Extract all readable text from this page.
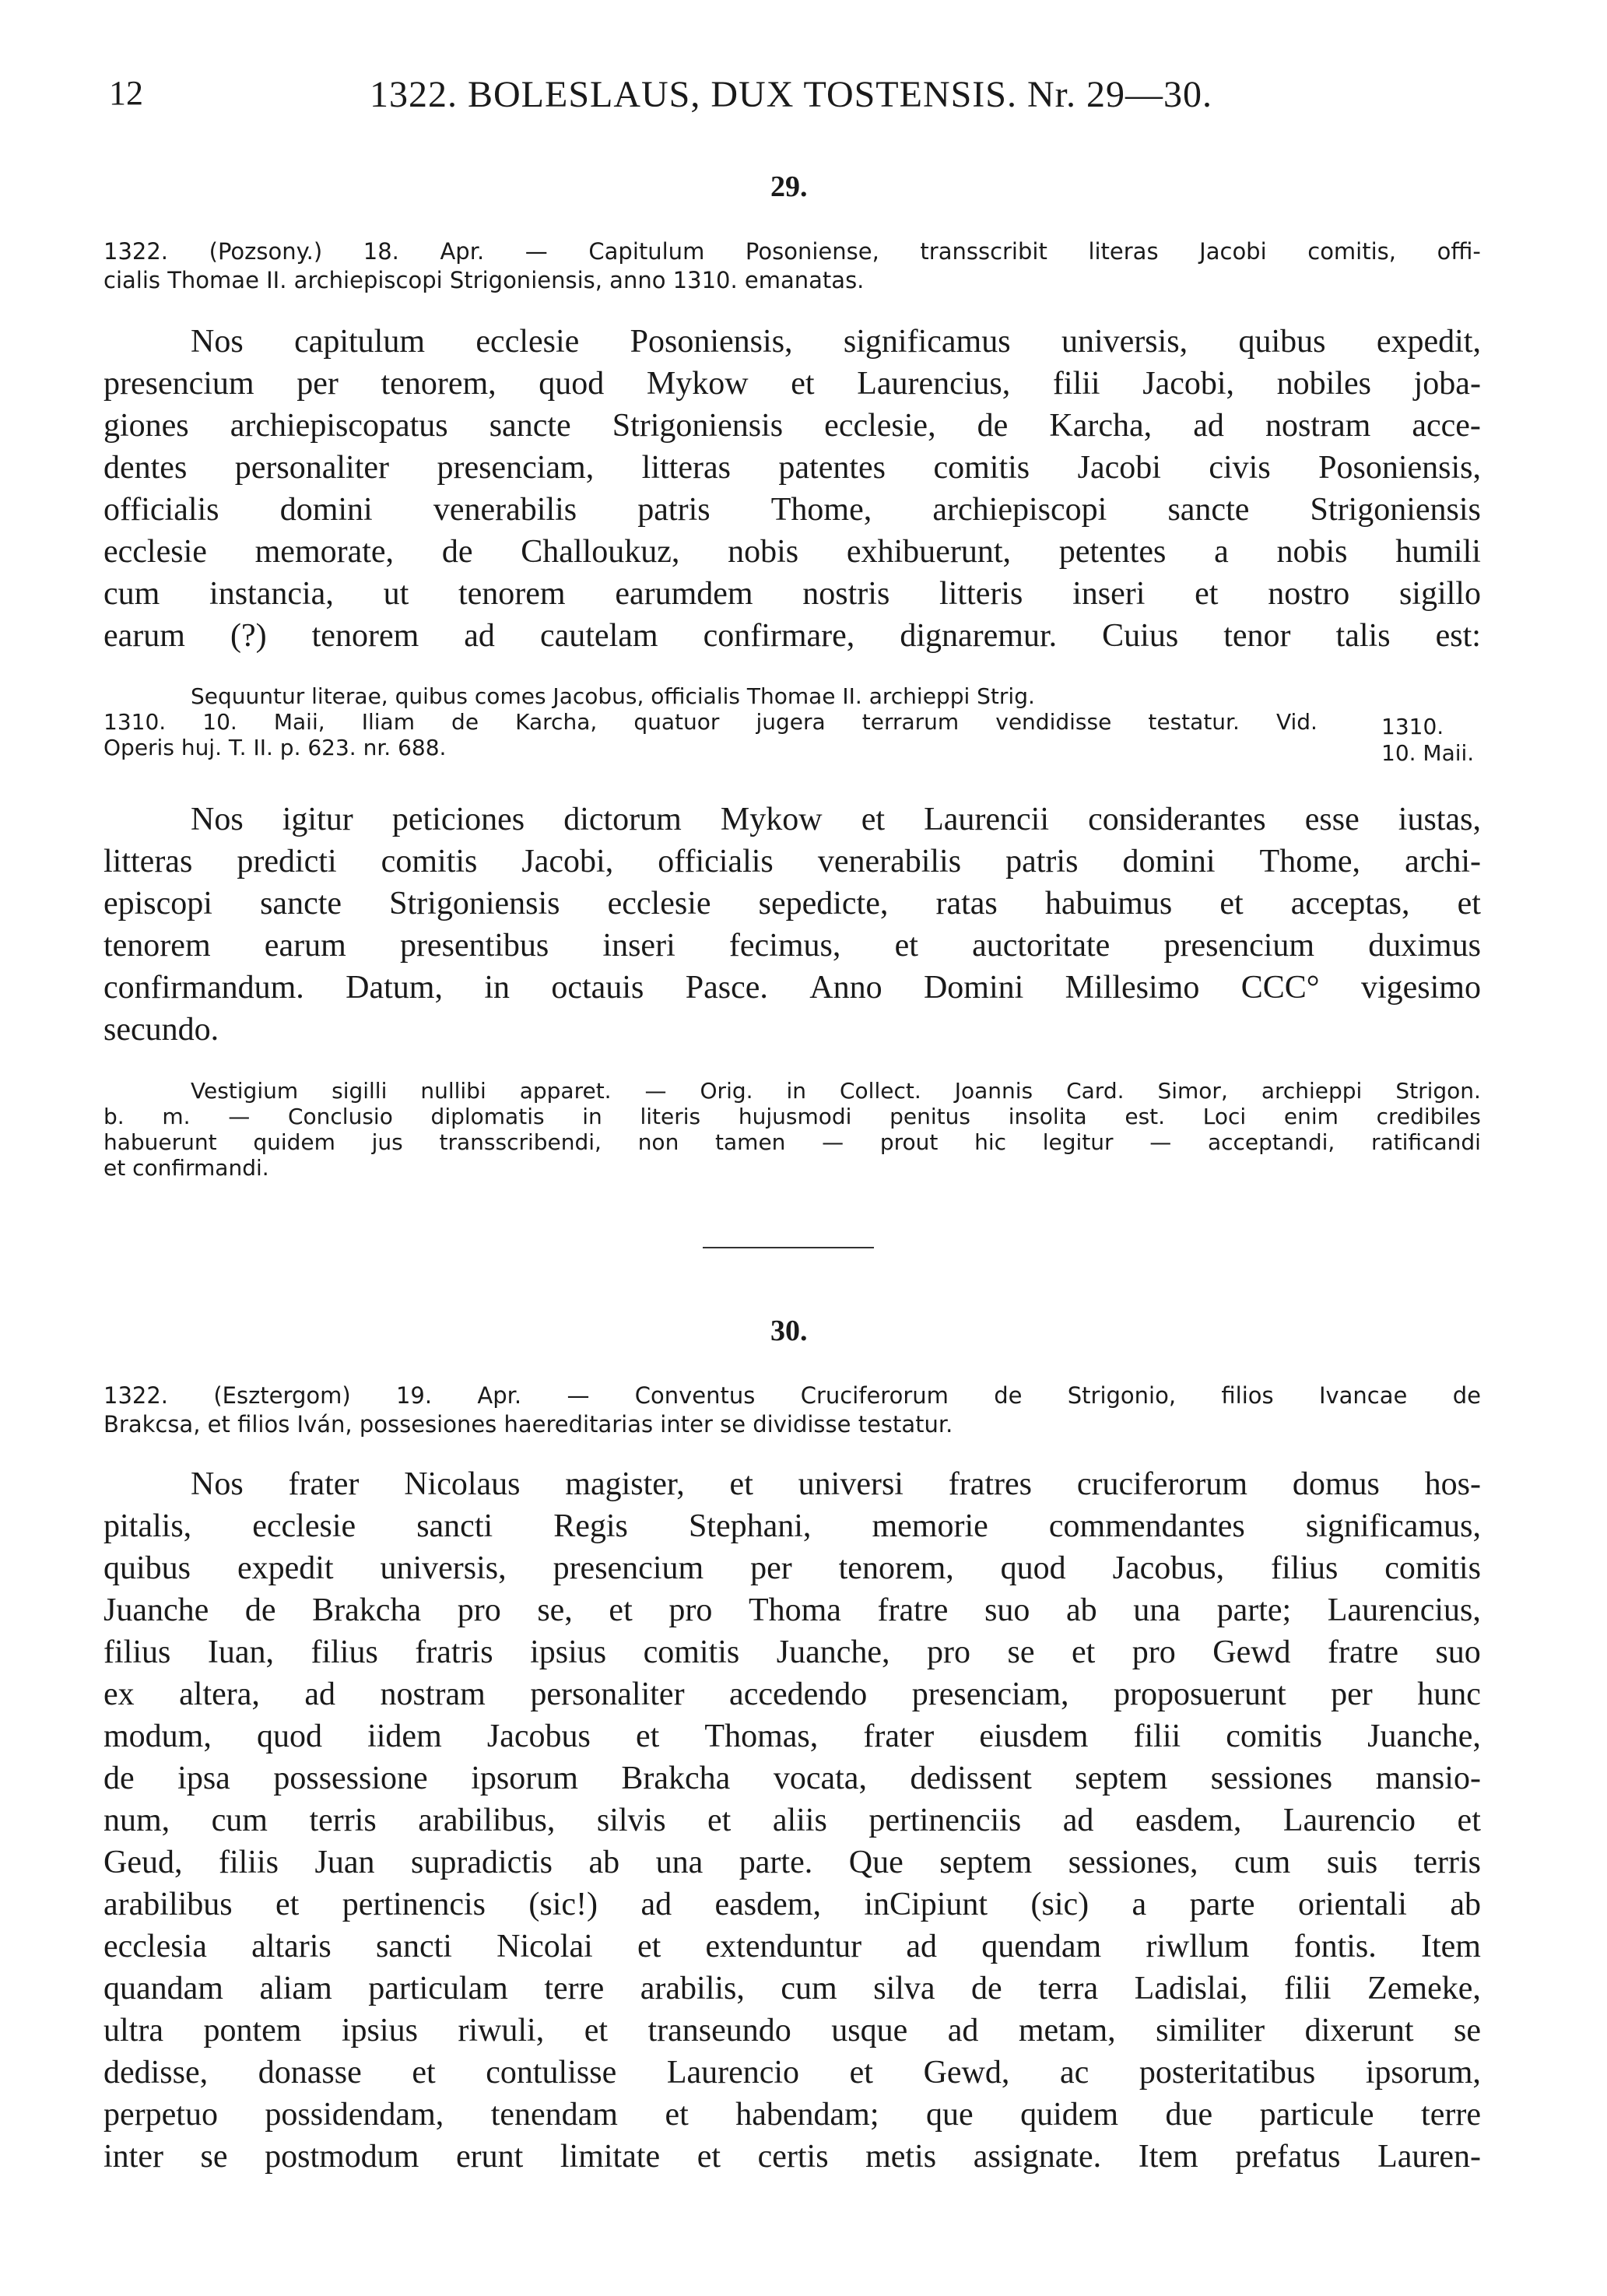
12	1322. BOLESLAUS, DUX TOSTENSIS. Nr. 29—30.
29.
1322. (Pozsony.) 18. Apr. — Capitulum Posoniense, transscribit literas Jacobi comitis, offi-
cialis Thomae II. archiepiscopi Strigoniensis, anno 1310. emanatas.
Nos capitulum ecclesie Posoniensis, significamus universis, quibus expedit,
presencium per tenorem, quod Mykow et Laurencius, filii Jacobi, nobiles joba-
giones archiepiscopatus sancte Strigoniensis ecclesie, de Karcha, ad nostram acce-
dentes personaliter presenciam, litteras patentes comitis Jacobi civis Posoniensis,
officialis domini venerabilis patris Thome, archiepiscopi sancte Strigoniensis
ecclesie memorate, de Challoukuz, nobis exhibuerunt, petentes a nobis humili
cum instancia, ut tenorem earumdem nostris litteris inseri et nostro sigillo
earum (?) tenorem ad cautelam confirmare, dignaremur. Cuius tenor talis est:
Sequuntur literae, quibus comes Jacobus, officialis Thomae II. archieppi Strig.
1310. 10. Maii, Iliam de Karcha, quatuor jugera terrarum vendidisse testatur. Vid.
Operis huj. T. II. p. 623. nr. 688.
1310.
10. Maii.
Nos igitur peticiones dictorum Mykow et Laurencii considerantes esse iustas,
litteras predicti comitis Jacobi, officialis venerabilis patris domini Thome, archi-
episcopi sancte Strigoniensis ecclesie sepedicte, ratas habuimus et acceptas, et
tenorem earum presentibus inseri fecimus, et auctoritate presencium duximus
confirmandum. Datum, in octauis Pasce. Anno Domini Millesimo CCC° vigesimo
secundo.
Vestigium sigilli nullibi apparet. — Orig. in Collect. Joannis Card. Simor, archieppi Strigon.
b. m. — Conclusio diplomatis in literis hujusmodi penitus insolita est. Loci enim credibiles
habuerunt quidem jus transscribendi, non tamen — prout hic legitur — acceptandi, ratificandi
et confirmandi.
30.
1322. (Esztergom) 19. Apr. — Conventus Cruciferorum de Strigonio, filios Ivancae de
Brakcsa, et filios Iván, possesiones haereditarias inter se dividisse testatur.
Nos frater Nicolaus magister, et universi fratres cruciferorum domus hos-
pitalis, ecclesie sancti Regis Stephani, memorie commendantes significamus,
quibus expedit universis, presencium per tenorem, quod Jacobus, filius comitis
Juanche de Brakcha pro se, et pro Thoma fratre suo ab una parte; Laurencius,
filius Iuan, filius fratris ipsius comitis Juanche, pro se et pro Gewd fratre suo
ex altera, ad nostram personaliter accedendo presenciam, proposuerunt per hunc
modum, quod iidem Jacobus et Thomas, frater eiusdem filii comitis Juanche,
de ipsa possessione ipsorum Brakcha vocata, dedissent septem sessiones mansio-
num, cum terris arabilibus, silvis et aliis pertinenciis ad easdem, Laurencio et
Geud, filiis Juan supradictis ab una parte. Que septem sessiones, cum suis terris
arabilibus et pertinencis (sic!) ad easdem, inCipiunt (sic) a parte orientali ab
ecclesia altaris sancti Nicolai et extenduntur ad quendam riwllum fontis. Item
quandam aliam particulam terre arabilis, cum silva de terra Ladislai, filii Zemeke,
ultra pontem ipsius riwuli, et transeundo usque ad metam, similiter dixerunt se
dedisse, donasse et contulisse Laurencio et Gewd, ac posteritatibus ipsorum,
perpetuo possidendam, tenendam et habendam; que quidem due particule terre
inter se postmodum erunt limitate et certis metis assignate. Item prefatus Lauren-
